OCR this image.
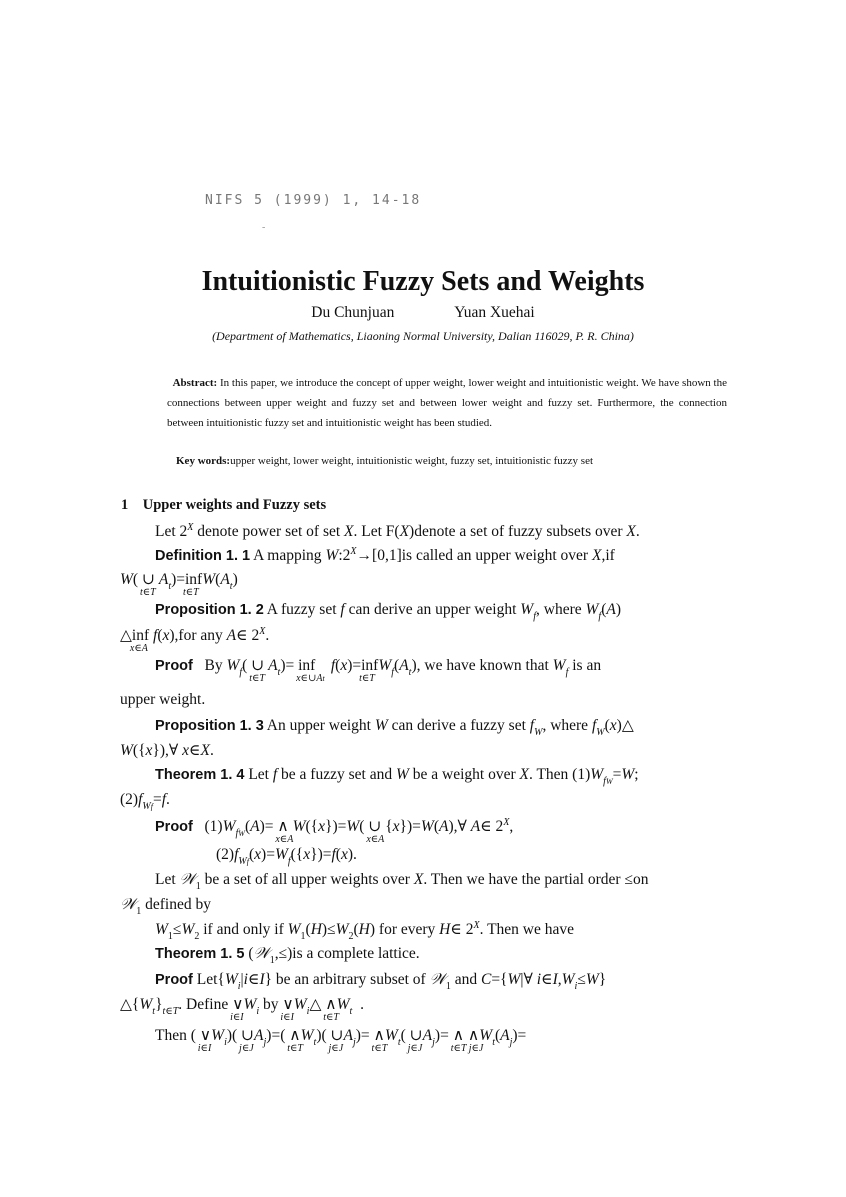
NIFS 5 (1999) 1, 14-18
-
Intuitionistic Fuzzy Sets and Weights
Du Chunjuan	Yuan Xuehai
(Department of Mathematics, Liaoning Normal University, Dalian 116029, P. R. China)
Abstract: In this paper, we introduce the concept of upper weight, lower weight and intuitionistic weight. We have shown the connections between upper weight and fuzzy set and between lower weight and fuzzy set. Furthermore, the connection between intuitionistic fuzzy set and intuitionistic weight has been studied.
Key words:upper weight, lower weight, intuitionistic weight, fuzzy set, intuitionistic fuzzy set
1 Upper weights and Fuzzy sets
Let $2^X$ denote power set of set X. Let F(X)denote a set of fuzzy subsets over X.
Definition 1. 1 A mapping $W:2^X\to[0,1]is$ called an upper weight over X,if
W( ∪
t∈T
$A_t)=inf$
t∈T
$W(A_t)$
Proposition 1. 2 A fuzzy set f can derive an upper weight $W_f$, where $W_f(A)$
△inf
x∈A
f(x),for any A∈ $2^X$.
Proof   By $W_f$( ∪
t∈T
$A_t)=$ inf
x∈∪At
f(x)=inf
t∈T
$W_f(A_t)$, we have known that $W_f$ is an
upper weight.
Proposition 1. 3 An upper weight W can derive a fuzzy set $f_W$, where $f_W(x)\triangle$
W({x}),∀ x∈X.
Theorem 1. 4 Let f be a fuzzy set and W be a weight over X. Then $(1)W_{fW}=W$;
$(2)f_{Wf}=f$.
Proof   $(1)W_{fW}(A)=$ ∧
x∈A
W({x})=W( ∪
x∈A
{x})=W(A),∀ A∈ $2^X$,
$(2)f_{Wf}(x)=W_f(\{x\})=f(x)$.
Let 𝒲$_1$ be a set of all upper weights over X. Then we have the partial order ≤on
𝒲$_1$ defined by
$W_1\le W_2$ if and only if $W_1(H)\le W_2(H)$ for every H∈ $2^X$. Then we have
Theorem 1. 5 (𝒲$_1$,≤)is a complete lattice.
Proof $Let\{W_i|i\in I\}$ be an arbitrary subset of 𝒲$_1$ and C={W|∀ $i\in I,W_i\le W$}
$\triangle\{W_t\}_{t\in T}$. Define ∨
i∈I
$W_i$ by ∨
i∈I
$W_i\triangle$ ∧
t∈T
$W_t$  .
Then ( ∨
i∈I
$W_i$)( ∪
j∈J
$A_j)=$( ∧
t∈T
$W_t$)( ∪
j∈J
$A_j)=$ ∧
t∈T
$W_t$( ∪
j∈J
$A_j)=$ ∧ ∧
t∈T j∈J
$W_t(A_j)=$
